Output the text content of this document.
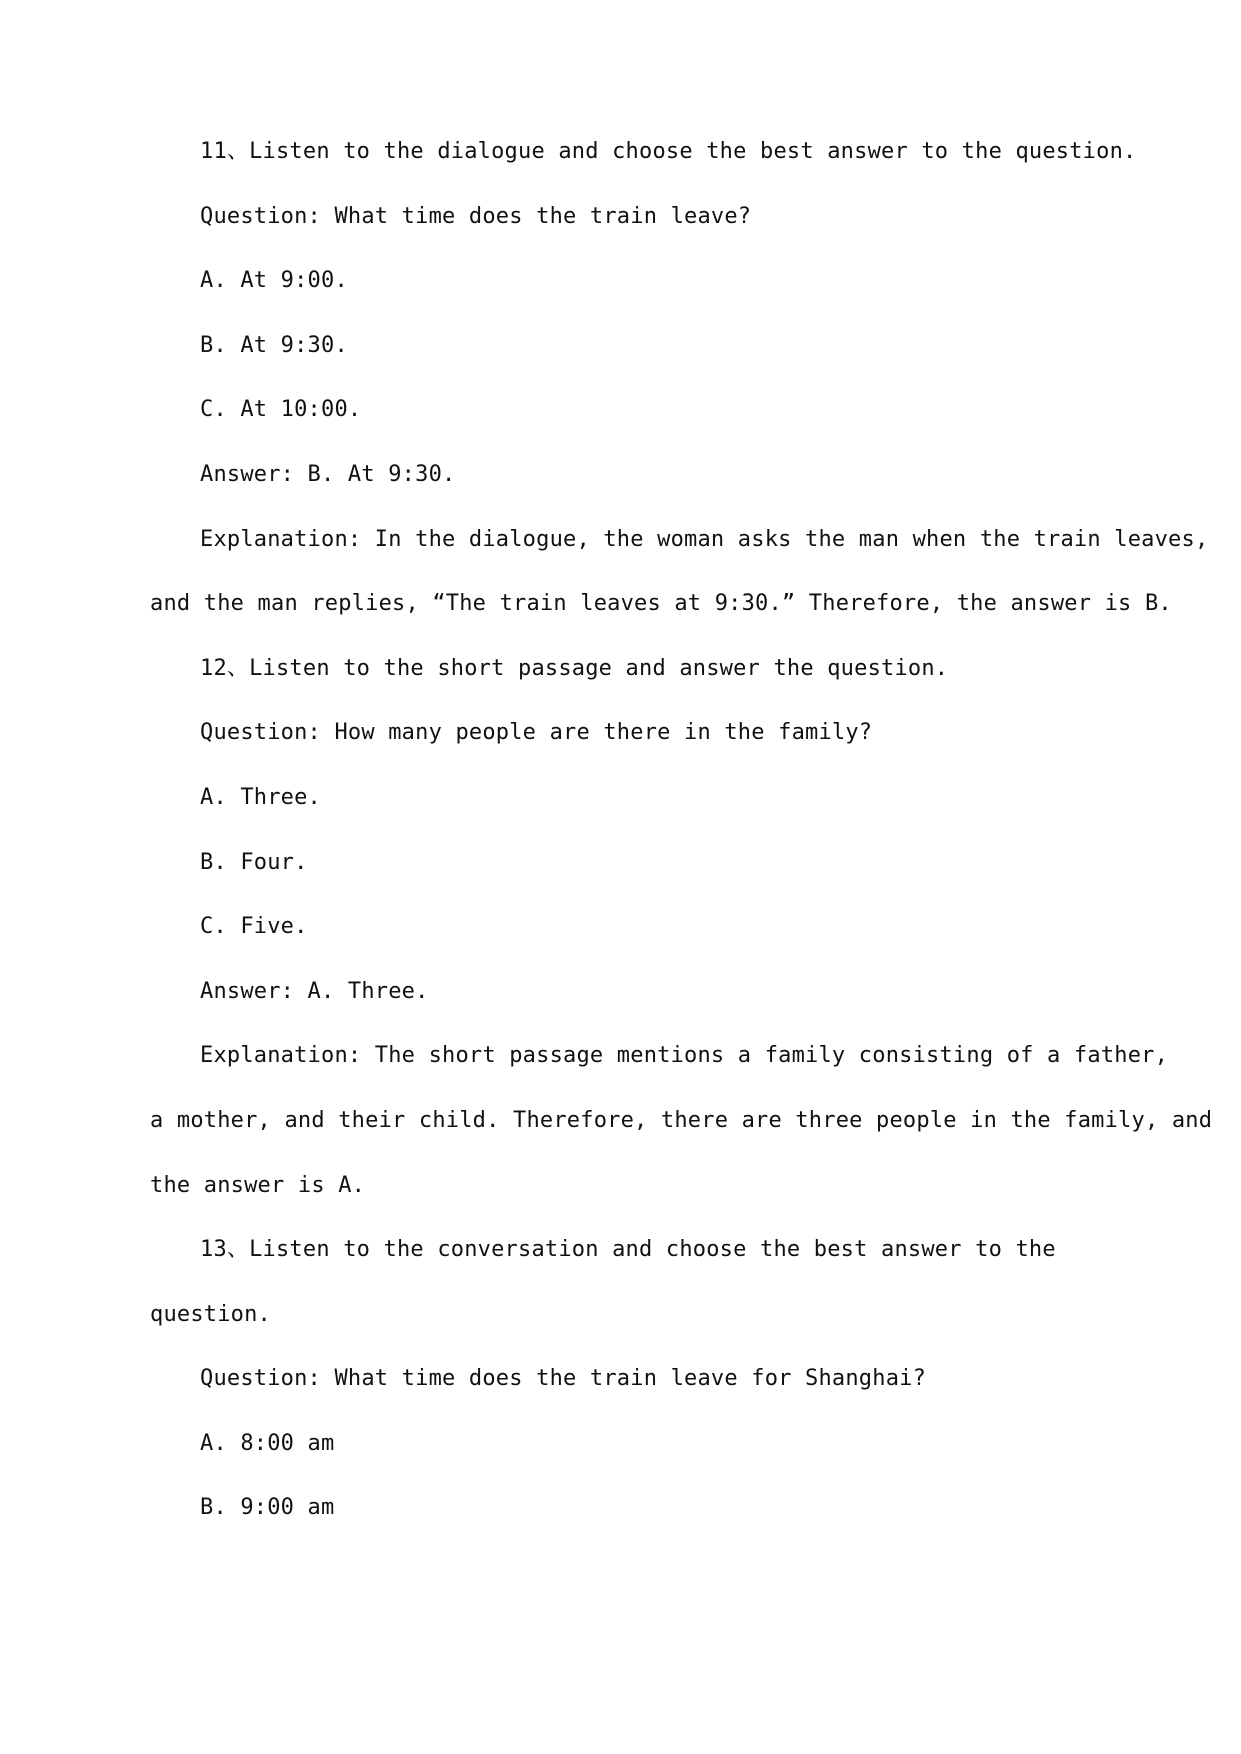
11、Listen to the dialogue and choose the best answer to the question.
Question: What time does the train leave?
A. At 9:00.
B. At 9:30.
C. At 10:00.
Answer: B. At 9:30.
Explanation: In the dialogue, the woman asks the man when the train leaves,
and the man replies, “The train leaves at 9:30.” Therefore, the answer is B.
12、Listen to the short passage and answer the question.
Question: How many people are there in the family?
A. Three.
B. Four.
C. Five.
Answer: A. Three.
Explanation: The short passage mentions a family consisting of a father,
a mother, and their child. Therefore, there are three people in the family, and
the answer is A.
13、Listen to the conversation and choose the best answer to the
question.
Question: What time does the train leave for Shanghai?
A. 8:00 am
B. 9:00 am
